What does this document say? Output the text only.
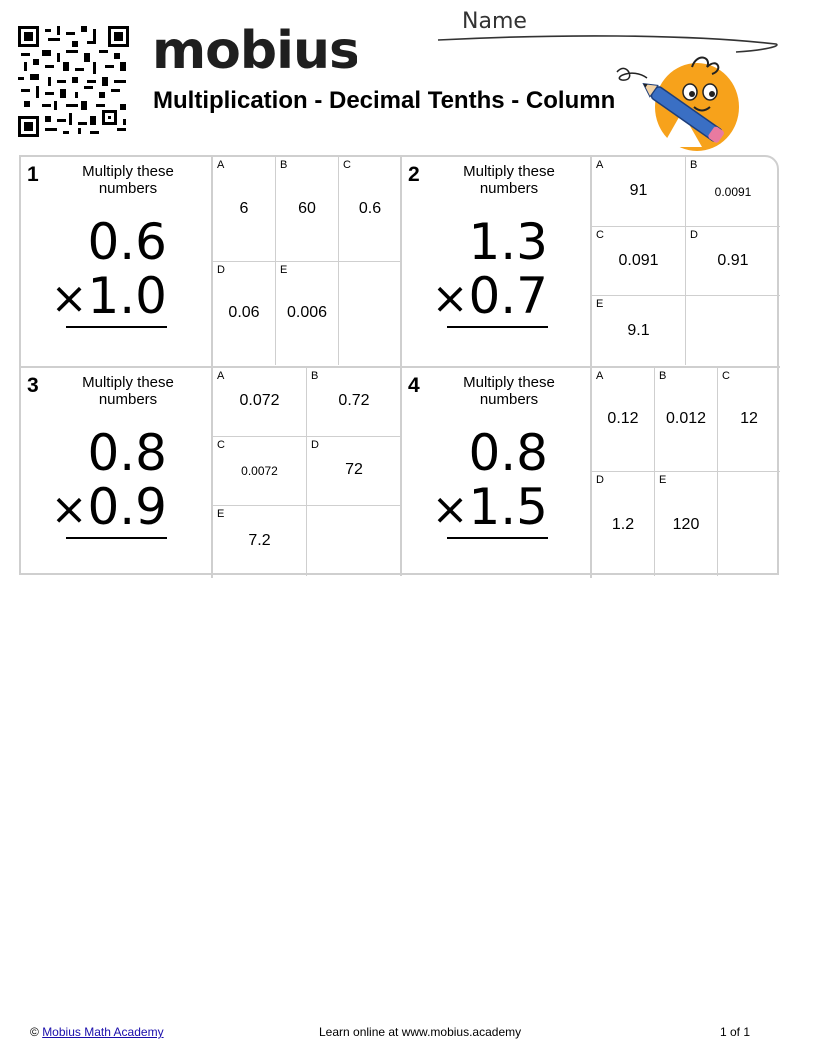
mobius
Multiplication - Decimal Tenths - Column
Name
1	Multiply these numbers
0.6
×1.0
A
6
B
60
C
0.6
D
0.06
E
0.006
2	Multiply these numbers
1.3
×0.7
A
91
B
0.0091
C
0.091
D
0.91
E
9.1
3	Multiply these numbers
0.8
×0.9
A
0.072
B
0.72
C
0.0072
D
72
E
7.2
4	Multiply these numbers
0.8
×1.5
A
0.12
B
0.012
C
12
D
1.2
E
120
© Mobius Math Academy	Learn online at www.mobius.academy	1 of 1
